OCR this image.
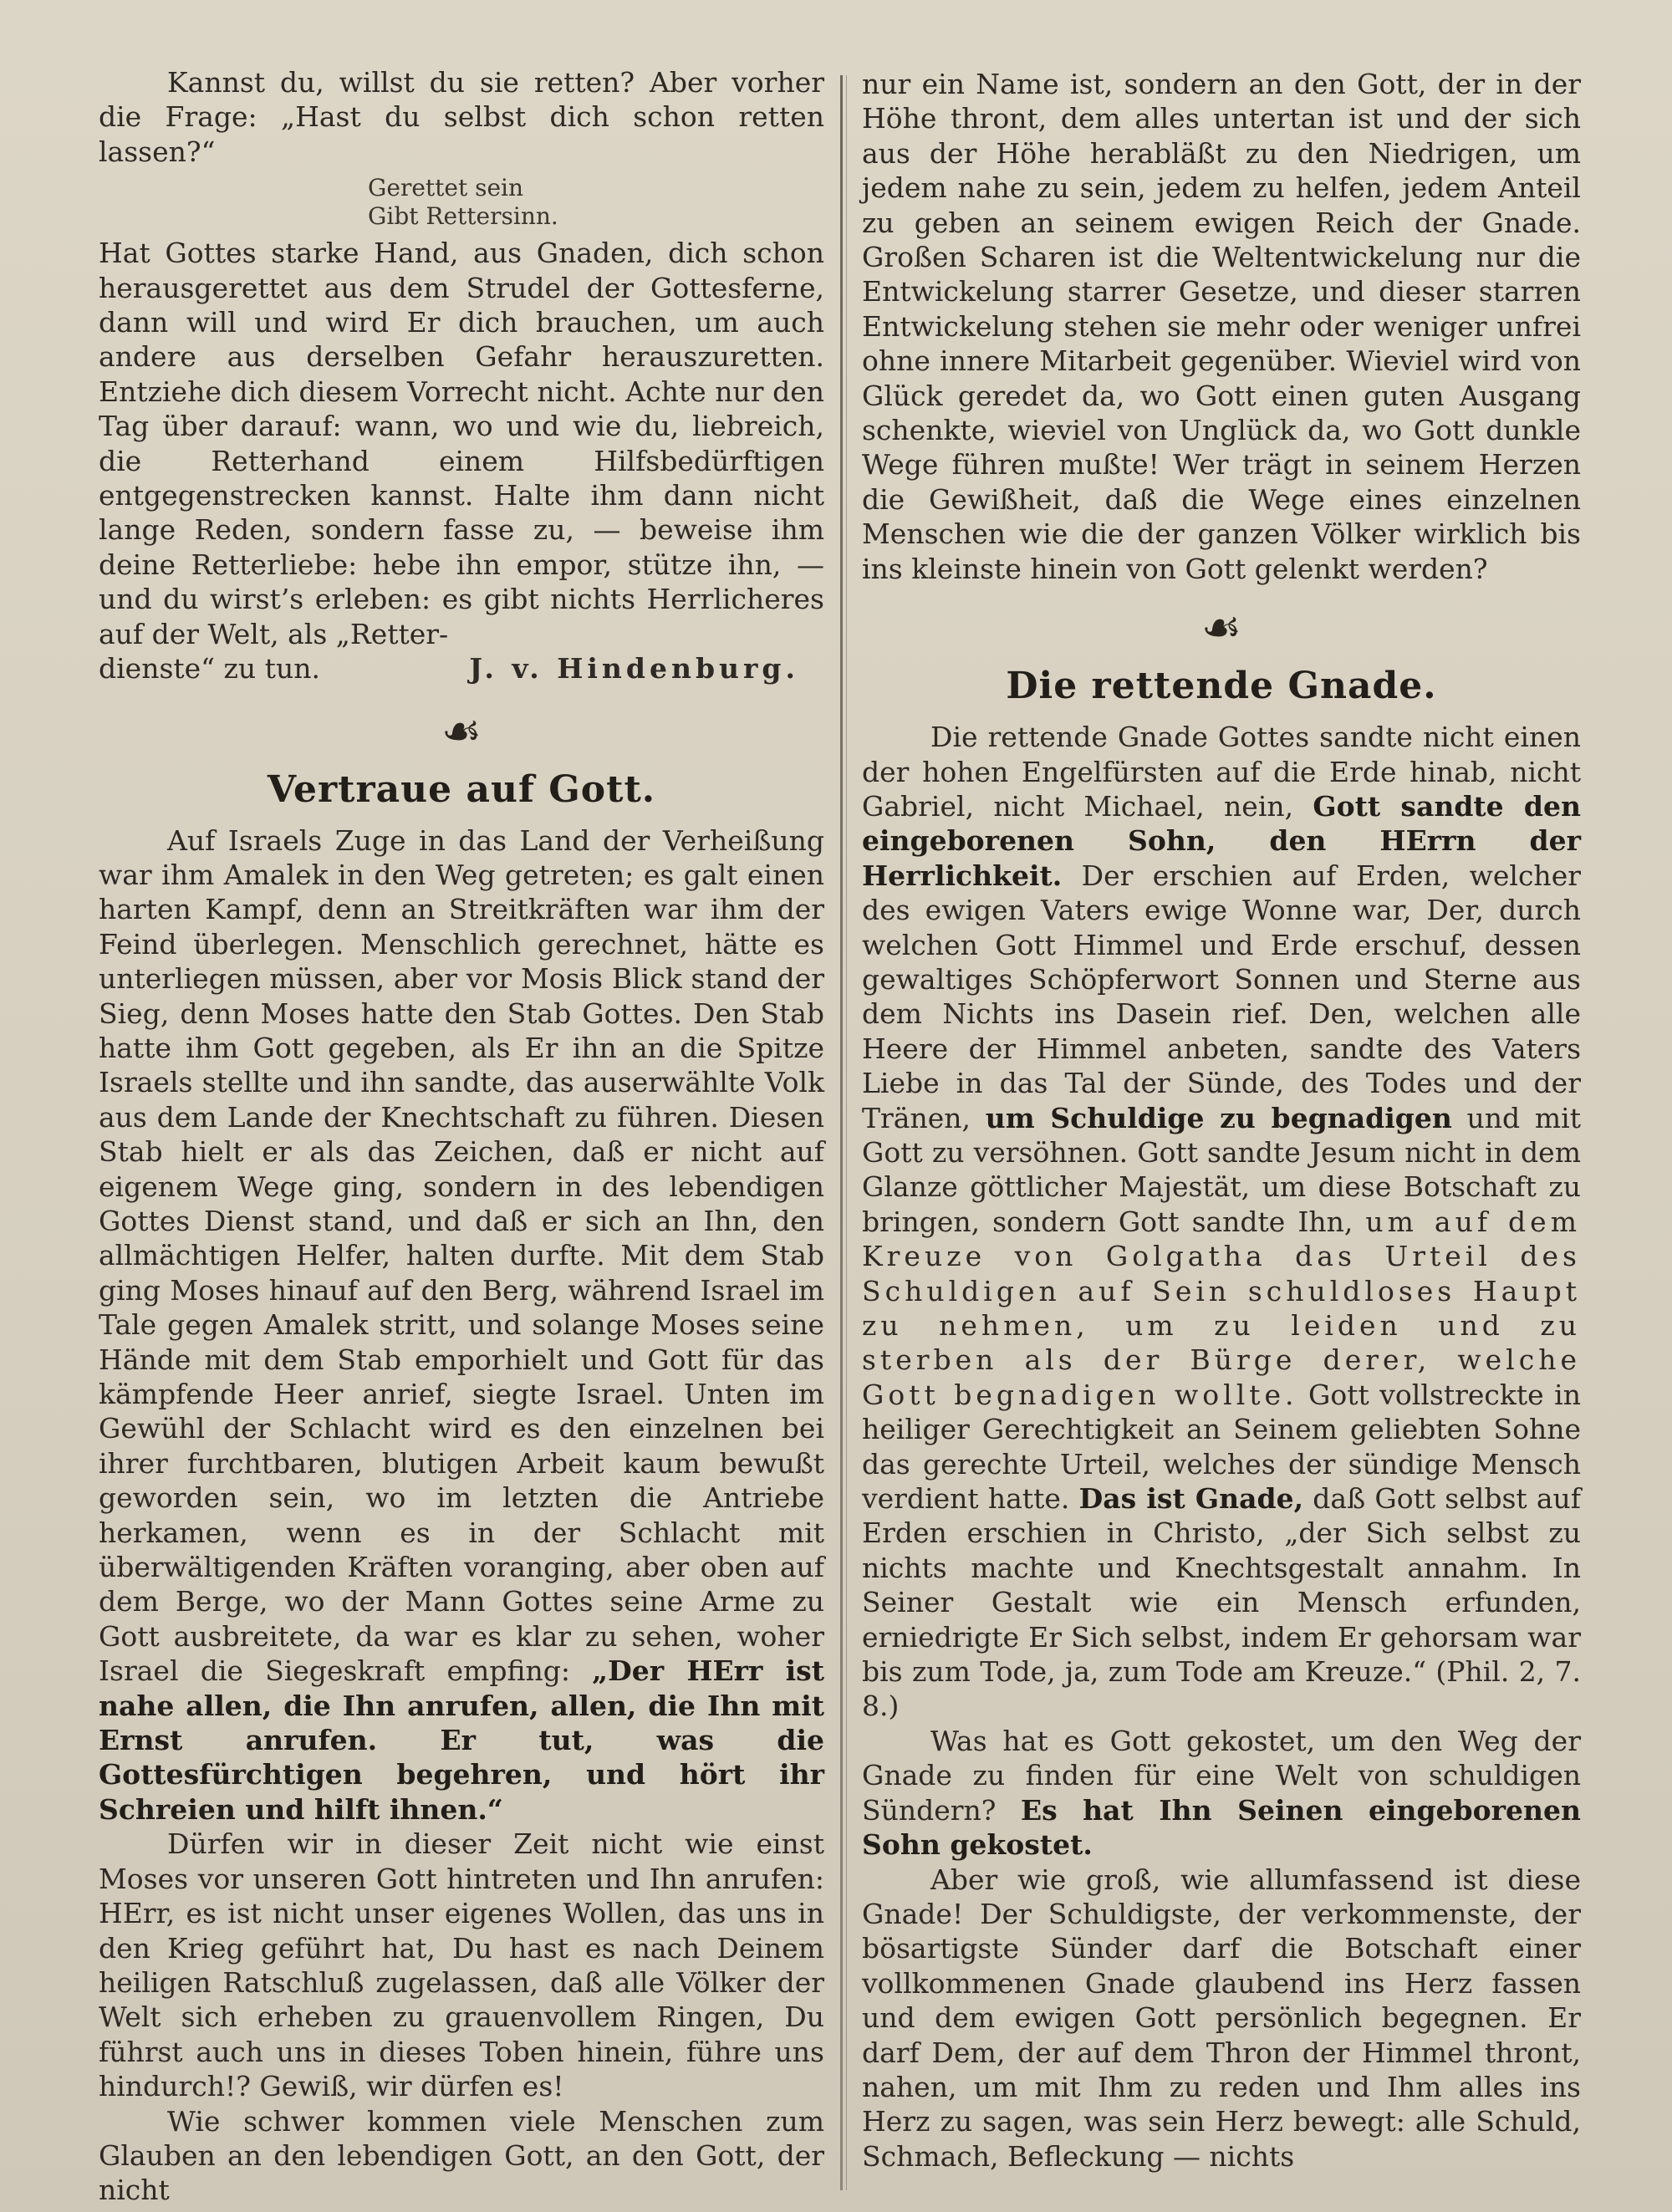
Kannst du, willst du sie retten? Aber vorher die Frage: „Hast du selbst dich schon retten lassen?“

Gerettet sein

Gibt Rettersinn.

Hat Gottes starke Hand, aus Gnaden, dich schon herausgerettet aus dem Strudel der Gottesferne, dann will und wird Er dich brauchen, um auch andere aus derselben Gefahr herauszuretten. Entziehe dich diesem Vorrecht nicht. Achte nur den Tag über darauf: wann, wo und wie du, liebreich, die Retterhand einem Hilfsbedürftigen entgegenstrecken kannst. Halte ihm dann nicht lange Reden, sondern fasse zu, — beweise ihm deine Retterliebe: hebe ihn empor, stütze ihn, — und du wirst’s erleben: es gibt nichts Herrlicheres auf der Welt, als „Retter-

dienste“ zu tun.	J. v. Hindenburg.
☙
Vertraue auf Gott.

Auf Israels Zuge in das Land der Verheißung war ihm Amalek in den Weg getreten; es galt einen harten Kampf, denn an Streitkräften war ihm der Feind überlegen. Menschlich gerechnet, hätte es unterliegen müssen, aber vor Mosis Blick stand der Sieg, denn Moses hatte den Stab Gottes. Den Stab hatte ihm Gott gegeben, als Er ihn an die Spitze Israels stellte und ihn sandte, das auserwählte Volk aus dem Lande der Knechtschaft zu führen. Diesen Stab hielt er als das Zeichen, daß er nicht auf eigenem Wege ging, sondern in des lebendigen Gottes Dienst stand, und daß er sich an Ihn, den allmächtigen Helfer, halten durfte. Mit dem Stab ging Moses hinauf auf den Berg, während Israel im Tale gegen Amalek stritt, und solange Moses seine Hände mit dem Stab emporhielt und Gott für das kämpfende Heer anrief, siegte Israel. Unten im Gewühl der Schlacht wird es den einzelnen bei ihrer furchtbaren, blutigen Arbeit kaum bewußt geworden sein, wo im letzten die Antriebe herkamen, wenn es in der Schlacht mit überwältigenden Kräften voranging, aber oben auf dem Berge, wo der Mann Gottes seine Arme zu Gott ausbreitete, da war es klar zu sehen, woher Israel die Siegeskraft empfing: „Der HErr ist nahe allen, die Ihn anrufen, allen, die Ihn mit Ernst anrufen. Er tut, was die Gottesfürchtigen begehren, und hört ihr Schreien und hilft ihnen.“

Dürfen wir in dieser Zeit nicht wie einst Moses vor unseren Gott hintreten und Ihn anrufen: HErr, es ist nicht unser eigenes Wollen, das uns in den Krieg geführt hat, Du hast es nach Deinem heiligen Ratschluß zugelassen, daß alle Völker der Welt sich erheben zu grauenvollem Ringen, Du führst auch uns in dieses Toben hinein, führe uns hindurch!? Gewiß, wir dürfen es!

Wie schwer kommen viele Menschen zum Glauben an den lebendigen Gott, an den Gott, der nicht

nur ein Name ist, sondern an den Gott, der in der Höhe thront, dem alles untertan ist und der sich aus der Höhe herabläßt zu den Niedrigen, um jedem nahe zu sein, jedem zu helfen, jedem Anteil zu geben an seinem ewigen Reich der Gnade. Großen Scharen ist die Weltentwickelung nur die Entwickelung starrer Gesetze, und dieser starren Entwickelung stehen sie mehr oder weniger unfrei ohne innere Mitarbeit gegenüber. Wieviel wird von Glück geredet da, wo Gott einen guten Ausgang schenkte, wieviel von Unglück da, wo Gott dunkle Wege führen mußte! Wer trägt in seinem Herzen die Gewißheit, daß die Wege eines einzelnen Menschen wie die der ganzen Völker wirklich bis ins kleinste hinein von Gott gelenkt werden?

☙
Die rettende Gnade.

Die rettende Gnade Gottes sandte nicht einen der hohen Engelfürsten auf die Erde hinab, nicht Gabriel, nicht Michael, nein, Gott sandte den eingeborenen Sohn, den HErrn der Herrlichkeit. Der erschien auf Erden, welcher des ewigen Vaters ewige Wonne war, Der, durch welchen Gott Himmel und Erde erschuf, dessen gewaltiges Schöpferwort Sonnen und Sterne aus dem Nichts ins Dasein rief. Den, welchen alle Heere der Himmel anbeten, sandte des Vaters Liebe in das Tal der Sünde, des Todes und der Tränen, um Schuldige zu begnadigen und mit Gott zu versöhnen. Gott sandte Jesum nicht in dem Glanze göttlicher Majestät, um diese Botschaft zu bringen, sondern Gott sandte Ihn, um auf dem Kreuze von Golgatha das Urteil des Schuldigen auf Sein schuldloses Haupt zu nehmen, um zu leiden und zu sterben als der Bürge derer, welche Gott begnadigen wollte. Gott vollstreckte in heiliger Gerechtigkeit an Seinem geliebten Sohne das gerechte Urteil, welches der sündige Mensch verdient hatte. Das ist Gnade, daß Gott selbst auf Erden erschien in Christo, „der Sich selbst zu nichts machte und Knechtsgestalt annahm. In Seiner Gestalt wie ein Mensch erfunden, erniedrigte Er Sich selbst, indem Er gehorsam war bis zum Tode, ja, zum Tode am Kreuze.“ (Phil. 2, 7. 8.)

Was hat es Gott gekostet, um den Weg der Gnade zu finden für eine Welt von schuldigen Sündern? Es hat Ihn Seinen eingeborenen Sohn gekostet.

Aber wie groß, wie allumfassend ist diese Gnade! Der Schuldigste, der verkommenste, der bösartigste Sünder darf die Botschaft einer vollkommenen Gnade glaubend ins Herz fassen und dem ewigen Gott persönlich begegnen. Er darf Dem, der auf dem Thron der Himmel thront, nahen, um mit Ihm zu reden und Ihm alles ins Herz zu sagen, was sein Herz bewegt: alle Schuld, Schmach, Befleckung — nichts
